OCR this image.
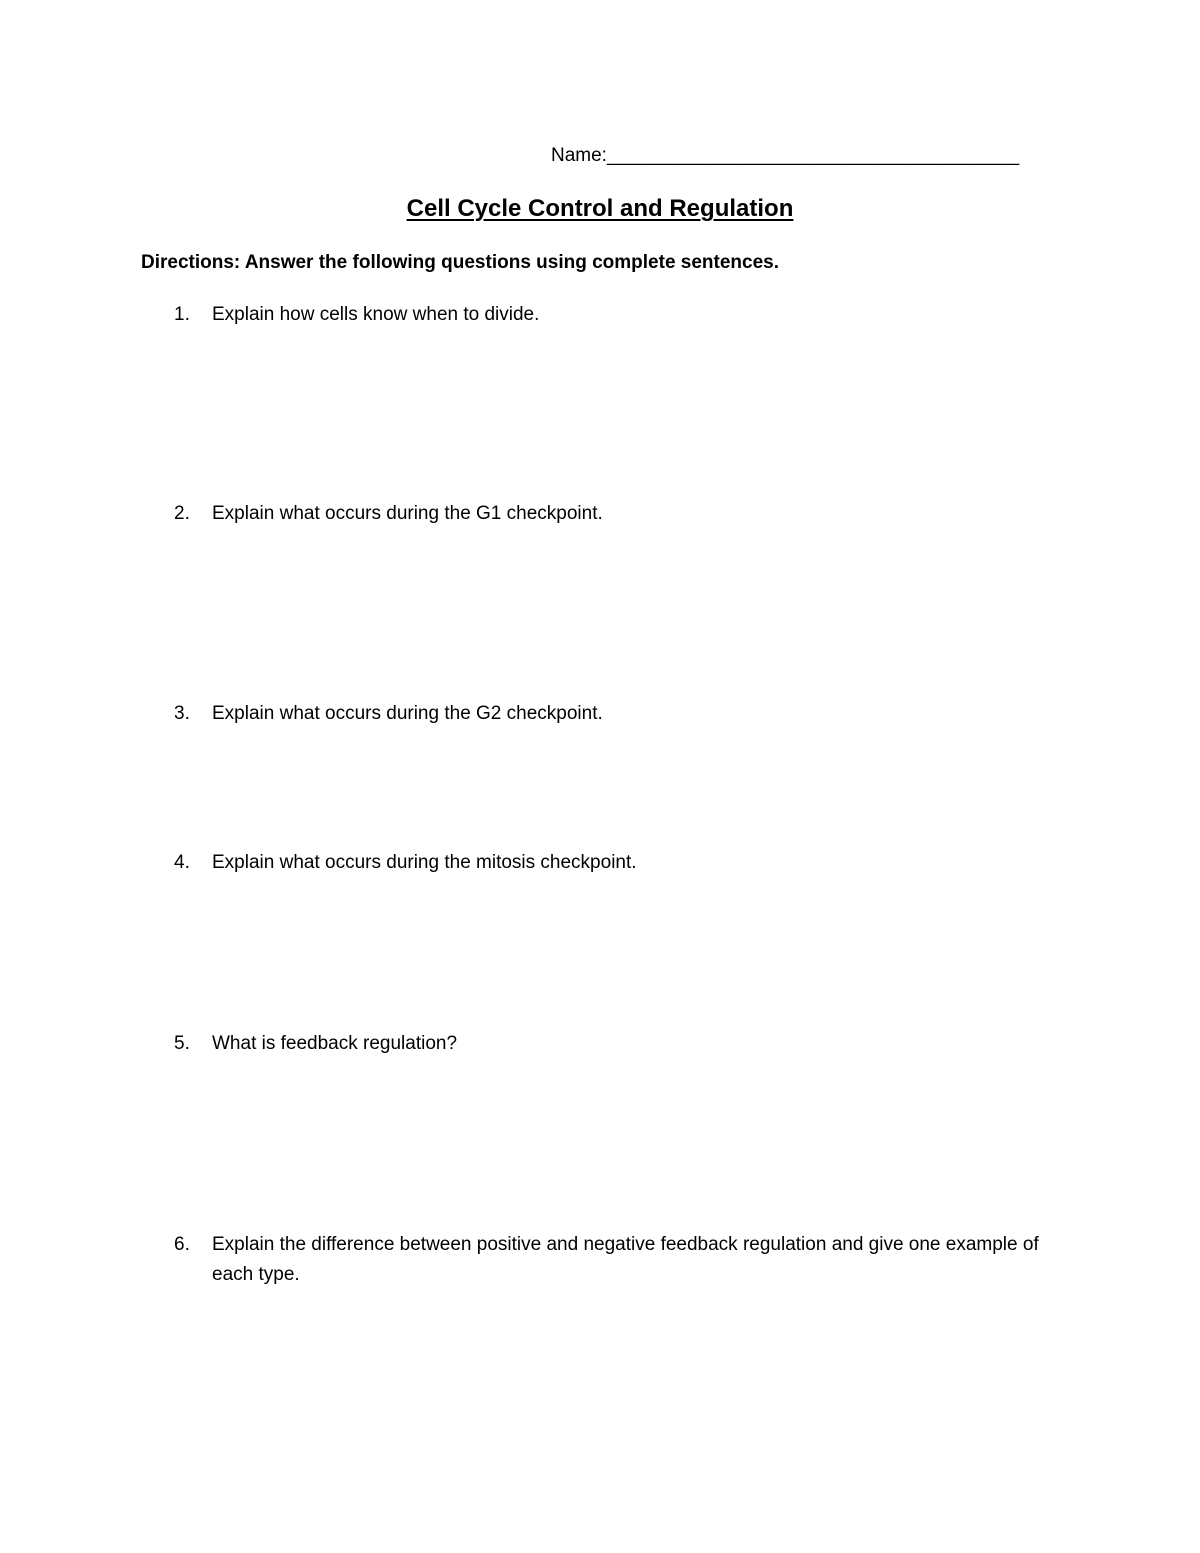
Name:_______________________________________
Cell Cycle Control and Regulation
Directions: Answer the following questions using complete sentences.
1.	Explain how cells know when to divide.
2.	Explain what occurs during the G1 checkpoint.
3.	Explain what occurs during the G2 checkpoint.
4.	Explain what occurs during the mitosis checkpoint.
5.	What is feedback regulation?
6.	Explain the difference between positive and negative feedback regulation and give one example of each type.
